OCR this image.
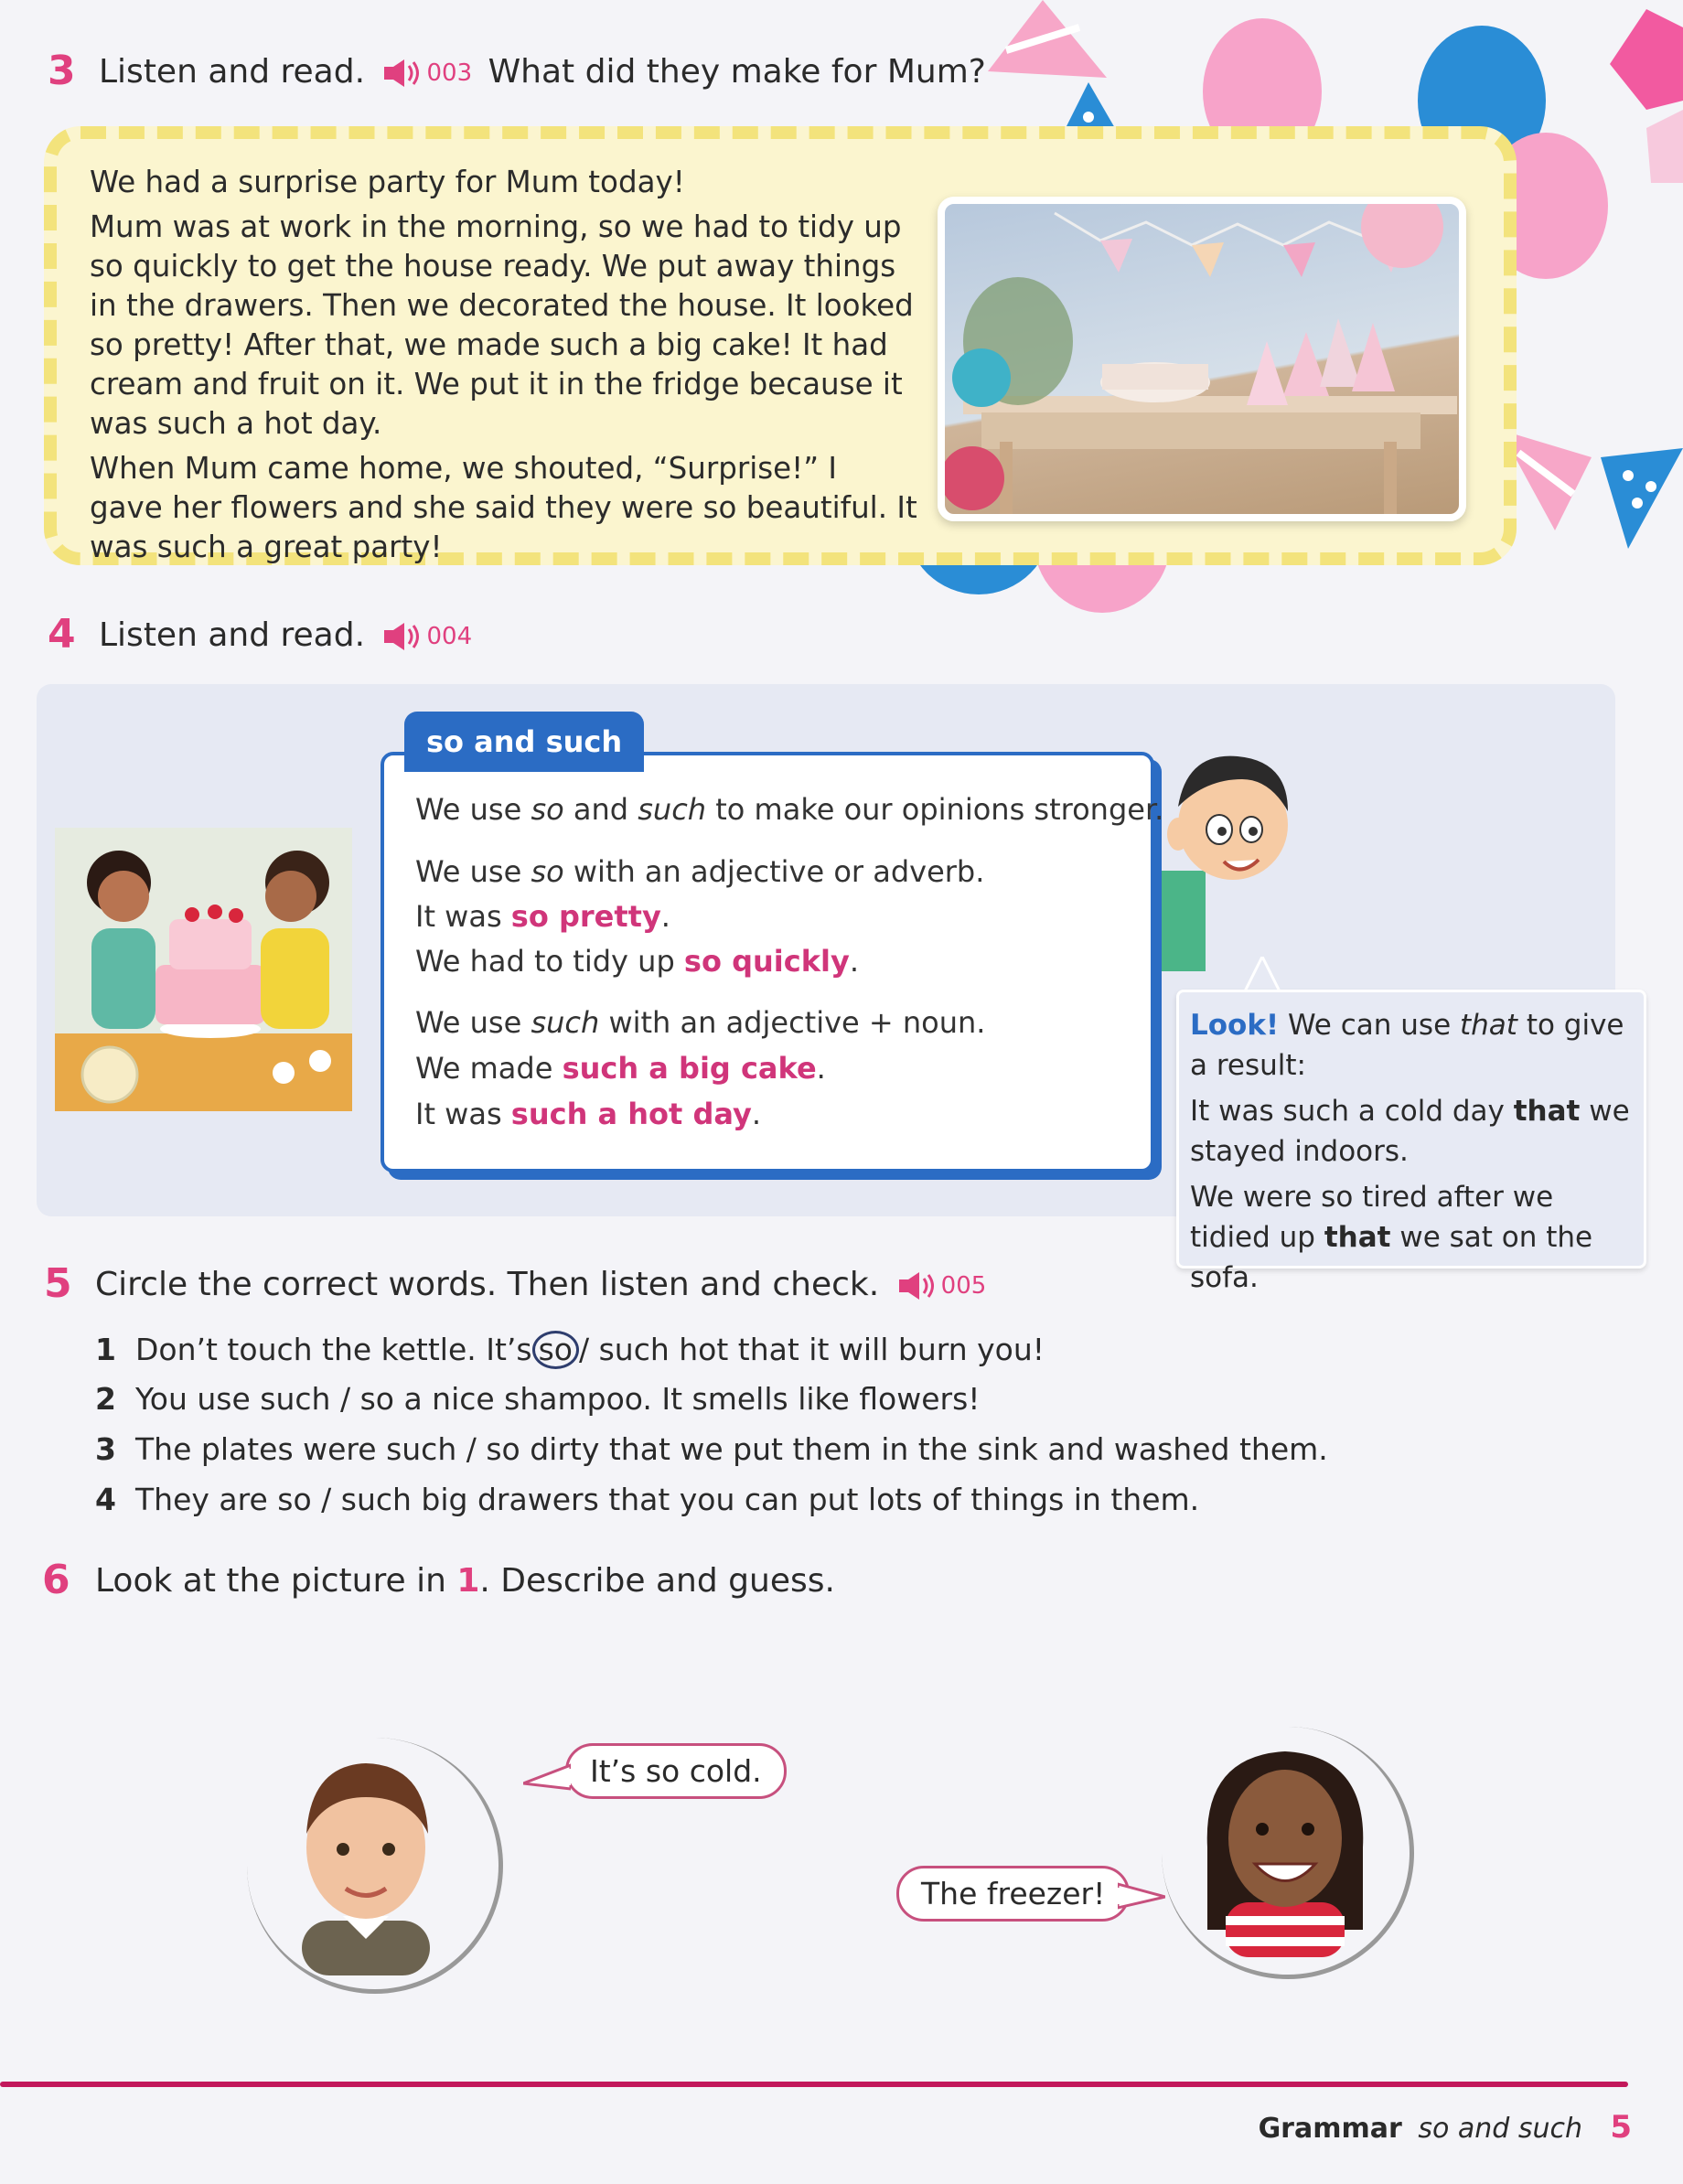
3 Listen and read.	003 What did they make for Mum?

We had a surprise party for Mum today!

Mum was at work in the morning, so we had to tidy up so quickly to get the house ready. We put away things in the drawers. Then we decorated the house. It looked so pretty! After that, we made such a big cake! It had cream and fruit on it. We put it in the fridge because it was such a hot day.

When Mum came home, we shouted, “Surprise!” I gave her flowers and she said they were so beautiful. It was such a great party!

4 Listen and read.	004
so and such
We use so and such to make our opinions stronger.
We use so with an adjective or adverb.
It was so pretty.
We had to tidy up so quickly.
We use such with an adjective + noun.
We made such a big cake.
It was such a hot day.

Look! We can use that to give a result:

It was such a cold day that we stayed indoors.

We were so tired after we tidied up that we sat on the sofa.

5 Circle the correct words. Then listen and check.	005
1 Don’t touch the kettle. It’s so / such hot that it will burn you!
2 You use such / so a nice shampoo. It smells like flowers!
3 The plates were such / so dirty that we put them in the sink and washed them.
4 They are so / such big drawers that you can put lots of things in them.
6 Look at the picture in 1. Describe and guess.
It’s so cold.
The freezer!
Grammar so and such 5
